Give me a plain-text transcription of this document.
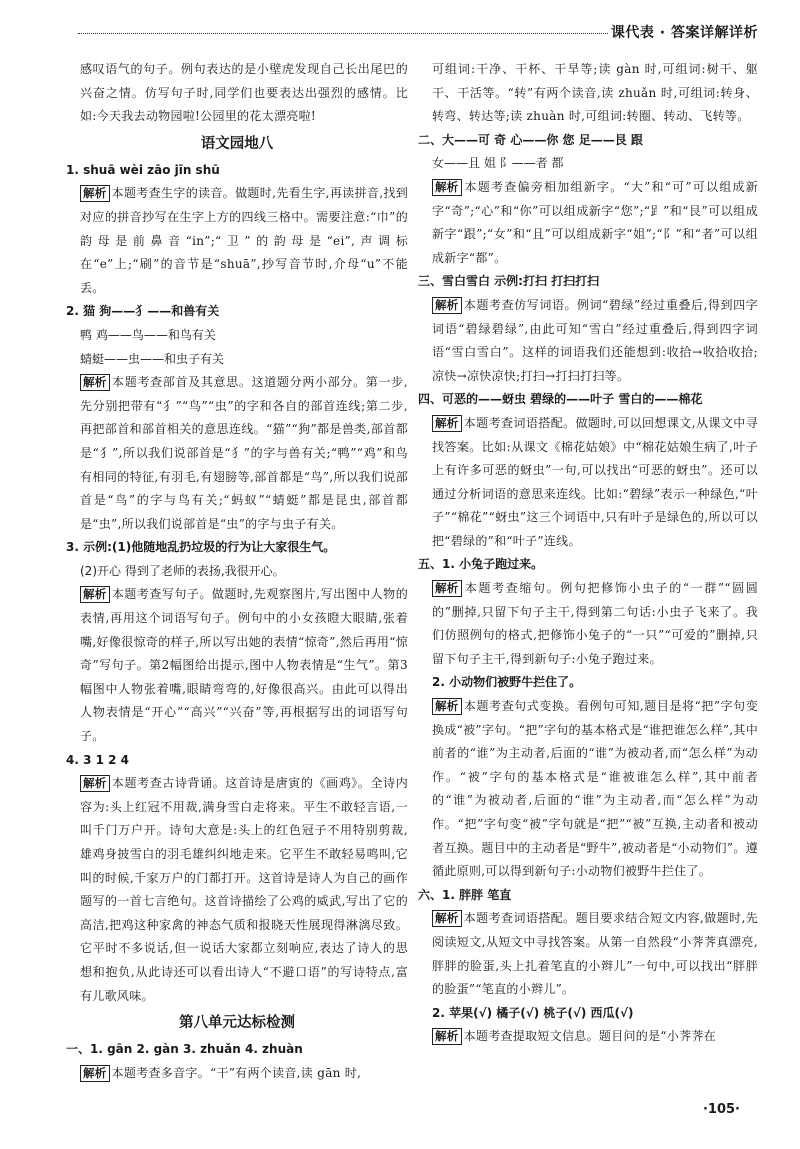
课代表 · 答案详解详析

感叹语气的句子。例句表达的是小壁虎发现自己长出尾巴的兴奋之情。仿写句子时,同学们也要表达出强烈的感情。比如:今天我去动物园啦!公园里的花太漂亮啦!

语文园地八

1. shuā wèi zāo jīn shū

解析 本题考查生字的读音。做题时,先看生字,再读拼音,找到对应的拼音抄写在生字上方的四线三格中。需要注意:“巾”的韵母是前鼻音“in”;“卫”的韵母是“ei”,声调标在“e”上;“刷”的音节是“shuā”,抄写音节时,介母“u”不能丢。

2. 猫 狗——犭——和兽有关

鸭 鸡——鸟——和鸟有关

蜻蜓——虫——和虫子有关

解析 本题考查部首及其意思。这道题分两小部分。第一步,先分别把带有“犭”“鸟”“虫”的字和各自的部首连线;第二步,再把部首和部首相关的意思连线。“猫”“狗”都是兽类,部首都是“犭”,所以我们说部首是“犭”的字与兽有关;“鸭”“鸡”和鸟有相同的特征,有羽毛,有翅膀等,部首都是“鸟”,所以我们说部首是“鸟”的字与鸟有关;“蚂蚁”“蜻蜓”都是昆虫,部首都是“虫”,所以我们说部首是“虫”的字与虫子有关。

3. 示例:(1)他随地乱扔垃圾的行为让大家很生气。

(2)开心 得到了老师的表扬,我很开心。

解析 本题考查写句子。做题时,先观察图片,写出图中人物的表情,再用这个词语写句子。例句中的小女孩瞪大眼睛,张着嘴,好像很惊奇的样子,所以写出她的表情“惊奇”,然后再用“惊奇”写句子。第2幅图给出提示,图中人物表情是“生气”。第3幅图中人物张着嘴,眼睛弯弯的,好像很高兴。由此可以得出人物表情是“开心”“高兴”“兴奋”等,再根据写出的词语写句子。

4. 3 1 2 4

解析 本题考查古诗背诵。这首诗是唐寅的《画鸡》。全诗内容为:头上红冠不用裁,满身雪白走将来。平生不敢轻言语,一叫千门万户开。诗句大意是:头上的红色冠子不用特别剪裁,雄鸡身披雪白的羽毛雄纠纠地走来。它平生不敢轻易鸣叫,它叫的时候,千家万户的门都打开。这首诗是诗人为自己的画作题写的一首七言绝句。这首诗描绘了公鸡的威武,写出了它的高洁,把鸡这种家禽的神态气质和报晓天性展现得淋漓尽致。它平时不多说话,但一说话大家都立刻响应,表达了诗人的思想和抱负,从此诗还可以看出诗人“不避口语”的写诗特点,富有儿歌风味。

第八单元达标检测

一、1. gān 2. gàn 3. zhuǎn 4. zhuàn

解析 本题考查多音字。“干”有两个读音,读 gān 时,

可组词:干净、干杯、干旱等;读 gàn 时,可组词:树干、躯干、干活等。“转”有两个读音,读 zhuǎn 时,可组词:转身、转弯、转达等;读 zhuàn 时,可组词:转圈、转动、飞转等。

二、大——可 奇 心——你 您 足——艮 跟

女——且 姐 阝——者 都

解析 本题考查偏旁相加组新字。“大”和“可”可以组成新字“奇”;“心”和“你”可以组成新字“您”;“𧾷”和“艮”可以组成新字“跟”;“女”和“且”可以组成新字“姐”;“阝”和“者”可以组成新字“都”。

三、雪白雪白 示例:打扫 打扫打扫

解析 本题考查仿写词语。例词“碧绿”经过重叠后,得到四字词语“碧绿碧绿”,由此可知“雪白”经过重叠后,得到四字词语“雪白雪白”。这样的词语我们还能想到:收拾→收拾收拾;凉快→凉快凉快;打扫→打扫打扫等。

四、可恶的——蚜虫 碧绿的——叶子 雪白的——棉花

解析 本题考查词语搭配。做题时,可以回想课文,从课文中寻找答案。比如:从课文《棉花姑娘》中“棉花姑娘生病了,叶子上有许多可恶的蚜虫”一句,可以找出“可恶的蚜虫”。还可以通过分析词语的意思来连线。比如:“碧绿”表示一种绿色,“叶子”“棉花”“蚜虫”这三个词语中,只有叶子是绿色的,所以可以把“碧绿的”和“叶子”连线。

五、1. 小兔子跑过来。

解析 本题考查缩句。例句把修饰小虫子的“一群”“圆圆的”删掉,只留下句子主干,得到第二句话:小虫子飞来了。我们仿照例句的格式,把修饰小兔子的“一只”“可爱的”删掉,只留下句子主干,得到新句子:小兔子跑过来。

2. 小动物们被野牛拦住了。

解析 本题考查句式变换。看例句可知,题目是将“把”字句变换成“被”字句。“把”字句的基本格式是“谁把谁怎么样”,其中前者的“谁”为主动者,后面的“谁”为被动者,而“怎么样”为动作。“被”字句的基本格式是“谁被谁怎么样”,其中前者的“谁”为被动者,后面的“谁”为主动者,而“怎么样”为动作。“把”字句变“被”字句就是“把”“被”互换,主动者和被动者互换。题目中的主动者是“野牛”,被动者是“小动物们”。遵循此原则,可以得到新句子:小动物们被野牛拦住了。

六、1. 胖胖 笔直

解析 本题考查词语搭配。题目要求结合短文内容,做题时,先阅读短文,从短文中寻找答案。从第一自然段“小荠荠真漂亮,胖胖的脸蛋,头上扎着笔直的小辫儿”一句中,可以找出“胖胖的脸蛋”“笔直的小辫儿”。

2. 苹果(√) 橘子(√) 桃子(√) 西瓜(√)

解析 本题考查提取短文信息。题目问的是“小荠荠在

·105·
